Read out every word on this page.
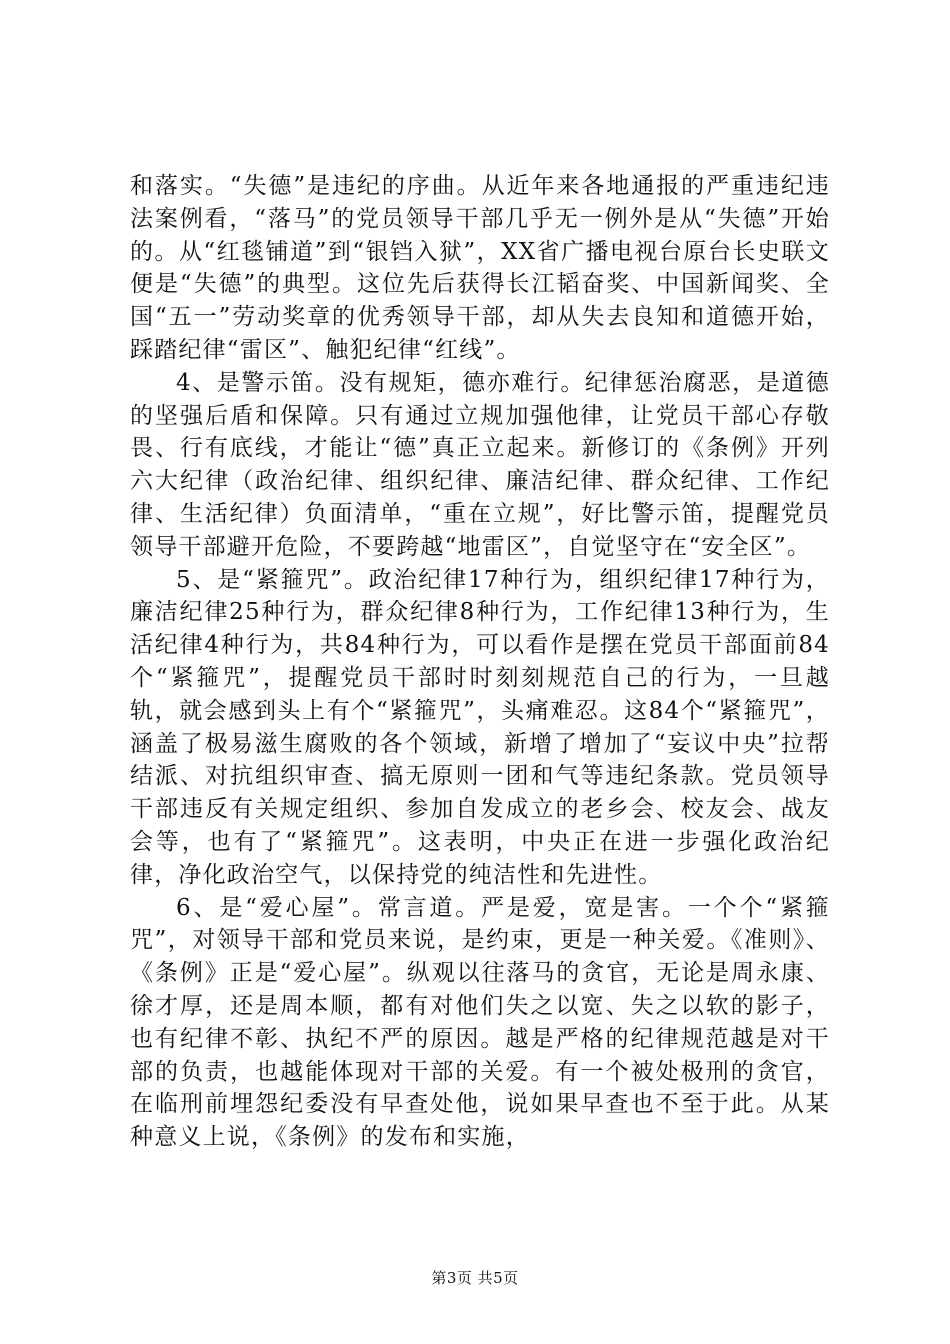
和落实。“失德”是违纪的序曲。从近年来各地通报的严重违纪违法案例看，“落马”的党员领导干部几乎无一例外是从“失德”开始的。从“红毯铺道”到“银铛入狱”，XX省广播电视台原台长史联文便是“失德”的典型。这位先后获得长江韬奋奖、中国新闻奖、全国“五一”劳动奖章的优秀领导干部，却从失去良知和道德开始，踩踏纪律“雷区”、触犯纪律“红线”。

4、是警示笛。没有规矩，德亦难行。纪律惩治腐恶，是道德的坚强后盾和保障。只有通过立规加强他律，让党员干部心存敬畏、行有底线，才能让“德”真正立起来。新修订的《条例》开列六大纪律（政治纪律、组织纪律、廉洁纪律、群众纪律、工作纪律、生活纪律）负面清单，“重在立规”，好比警示笛，提醒党员领导干部避开危险，不要跨越“地雷区”，自觉坚守在“安全区”。

5、是“紧箍咒”。政治纪律17种行为，组织纪律17种行为，廉洁纪律25种行为，群众纪律8种行为，工作纪律13种行为，生活纪律4种行为，共84种行为，可以看作是摆在党员干部面前84个“紧箍咒”，提醒党员干部时时刻刻规范自己的行为，一旦越轨，就会感到头上有个“紧箍咒”，头痛难忍。这84个“紧箍咒”，涵盖了极易滋生腐败的各个领域，新增了增加了“妄议中央”拉帮结派、对抗组织审查、搞无原则一团和气等违纪条款。党员领导干部违反有关规定组织、参加自发成立的老乡会、校友会、战友会等，也有了“紧箍咒”。这表明，中央正在进一步强化政治纪律，净化政治空气，以保持党的纯洁性和先进性。

6、是“爱心屋”。常言道。严是爱，宽是害。一个个“紧箍咒”，对领导干部和党员来说，是约束，更是一种关爱。《准则》、《条例》正是“爱心屋”。纵观以往落马的贪官，无论是周永康、徐才厚，还是周本顺，都有对他们失之以宽、失之以软的影子，也有纪律不彰、执纪不严的原因。越是严格的纪律规范越是对干部的负责，也越能体现对干部的关爱。有一个被处极刑的贪官，在临刑前埋怨纪委没有早查处他，说如果早查也不至于此。从某种意义上说，《条例》的发布和实施，

第3页 共5页
